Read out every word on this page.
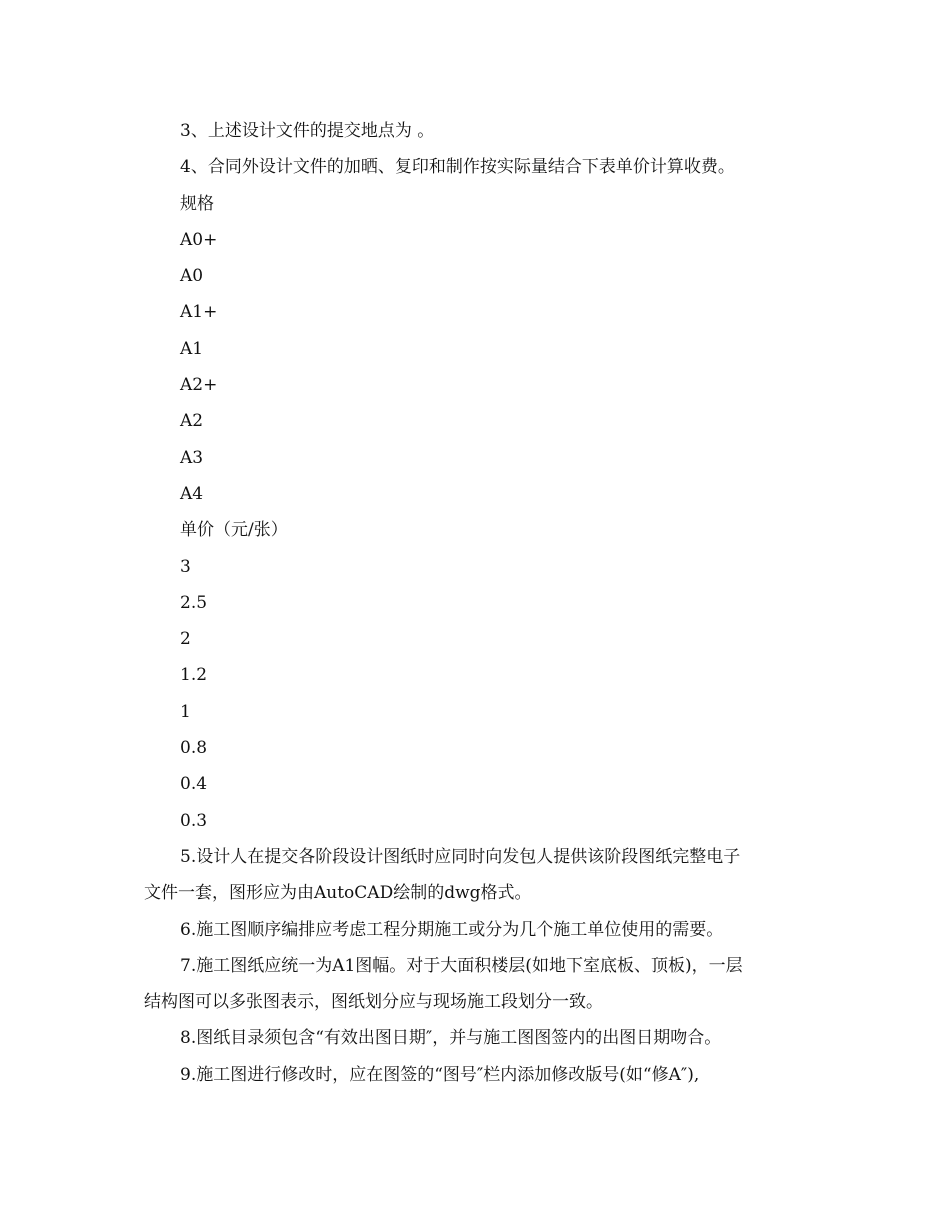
3、上述设计文件的提交地点为 。

4、合同外设计文件的加晒、复印和制作按实际量结合下表单价计算收费。

规格

A0+

A0

A1+

A1

A2+

A2

A3

A4

单价（元/张）

3

2.5

2

1.2

1

0.8

0.4

0.3

5.设计人在提交各阶段设计图纸时应同时向发包人提供该阶段图纸完整电子

文件一套，图形应为由AutoCAD绘制的dwg格式。

6.施工图顺序编排应考虑工程分期施工或分为几个施工单位使用的需要。

7.施工图纸应统一为A1图幅。对于大面积楼层(如地下室底板、顶板)，一层

结构图可以多张图表示，图纸划分应与现场施工段划分一致。

8.图纸目录须包含“有效出图日期″，并与施工图图签内的出图日期吻合。

9.施工图进行修改时，应在图签的“图号″栏内添加修改版号(如“修A″),
